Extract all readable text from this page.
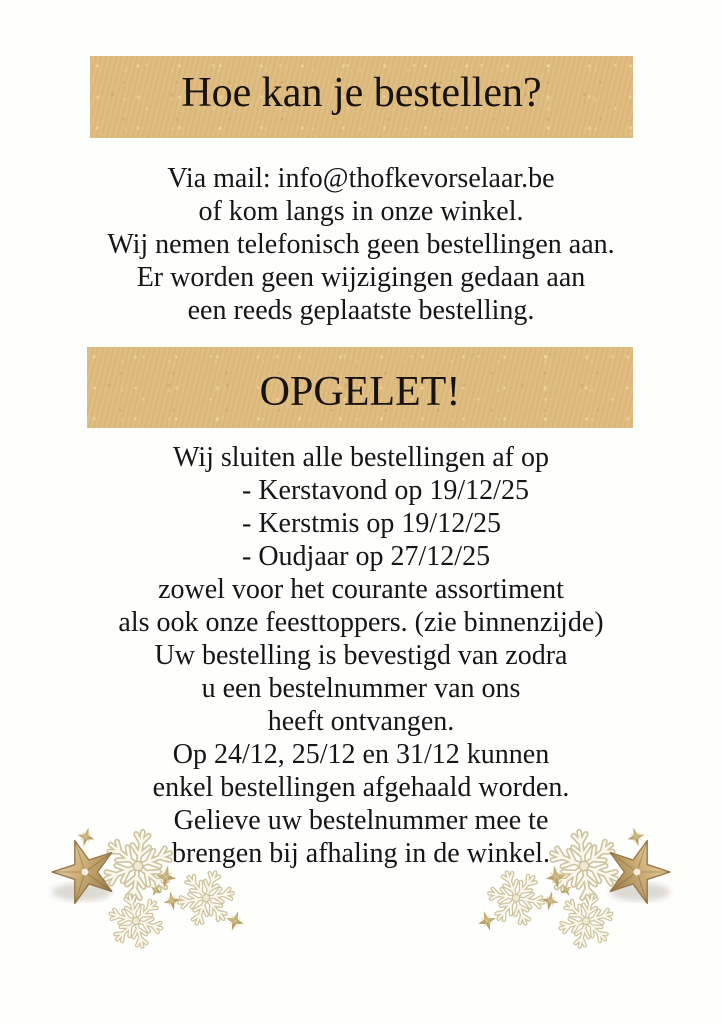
Hoe kan je bestellen?
Via mail: info@thofkevorselaar.be
of kom langs in onze winkel.
Wij nemen telefonisch geen bestellingen aan.
Er worden geen wijzigingen gedaan aan
een reeds geplaatste bestelling.
OPGELET!
Wij sluiten alle bestellingen af op
- Kerstavond op 19/12/25
- Kerstmis op 19/12/25
- Oudjaar op 27/12/25
zowel voor het courante assortiment
als ook onze feesttoppers. (zie binnenzijde)
Uw bestelling is bevestigd van zodra
u een bestelnummer van ons
heeft ontvangen.
Op 24/12, 25/12 en 31/12 kunnen
enkel bestellingen afgehaald worden.
Gelieve uw bestelnummer mee te
brengen bij afhaling in de winkel.
